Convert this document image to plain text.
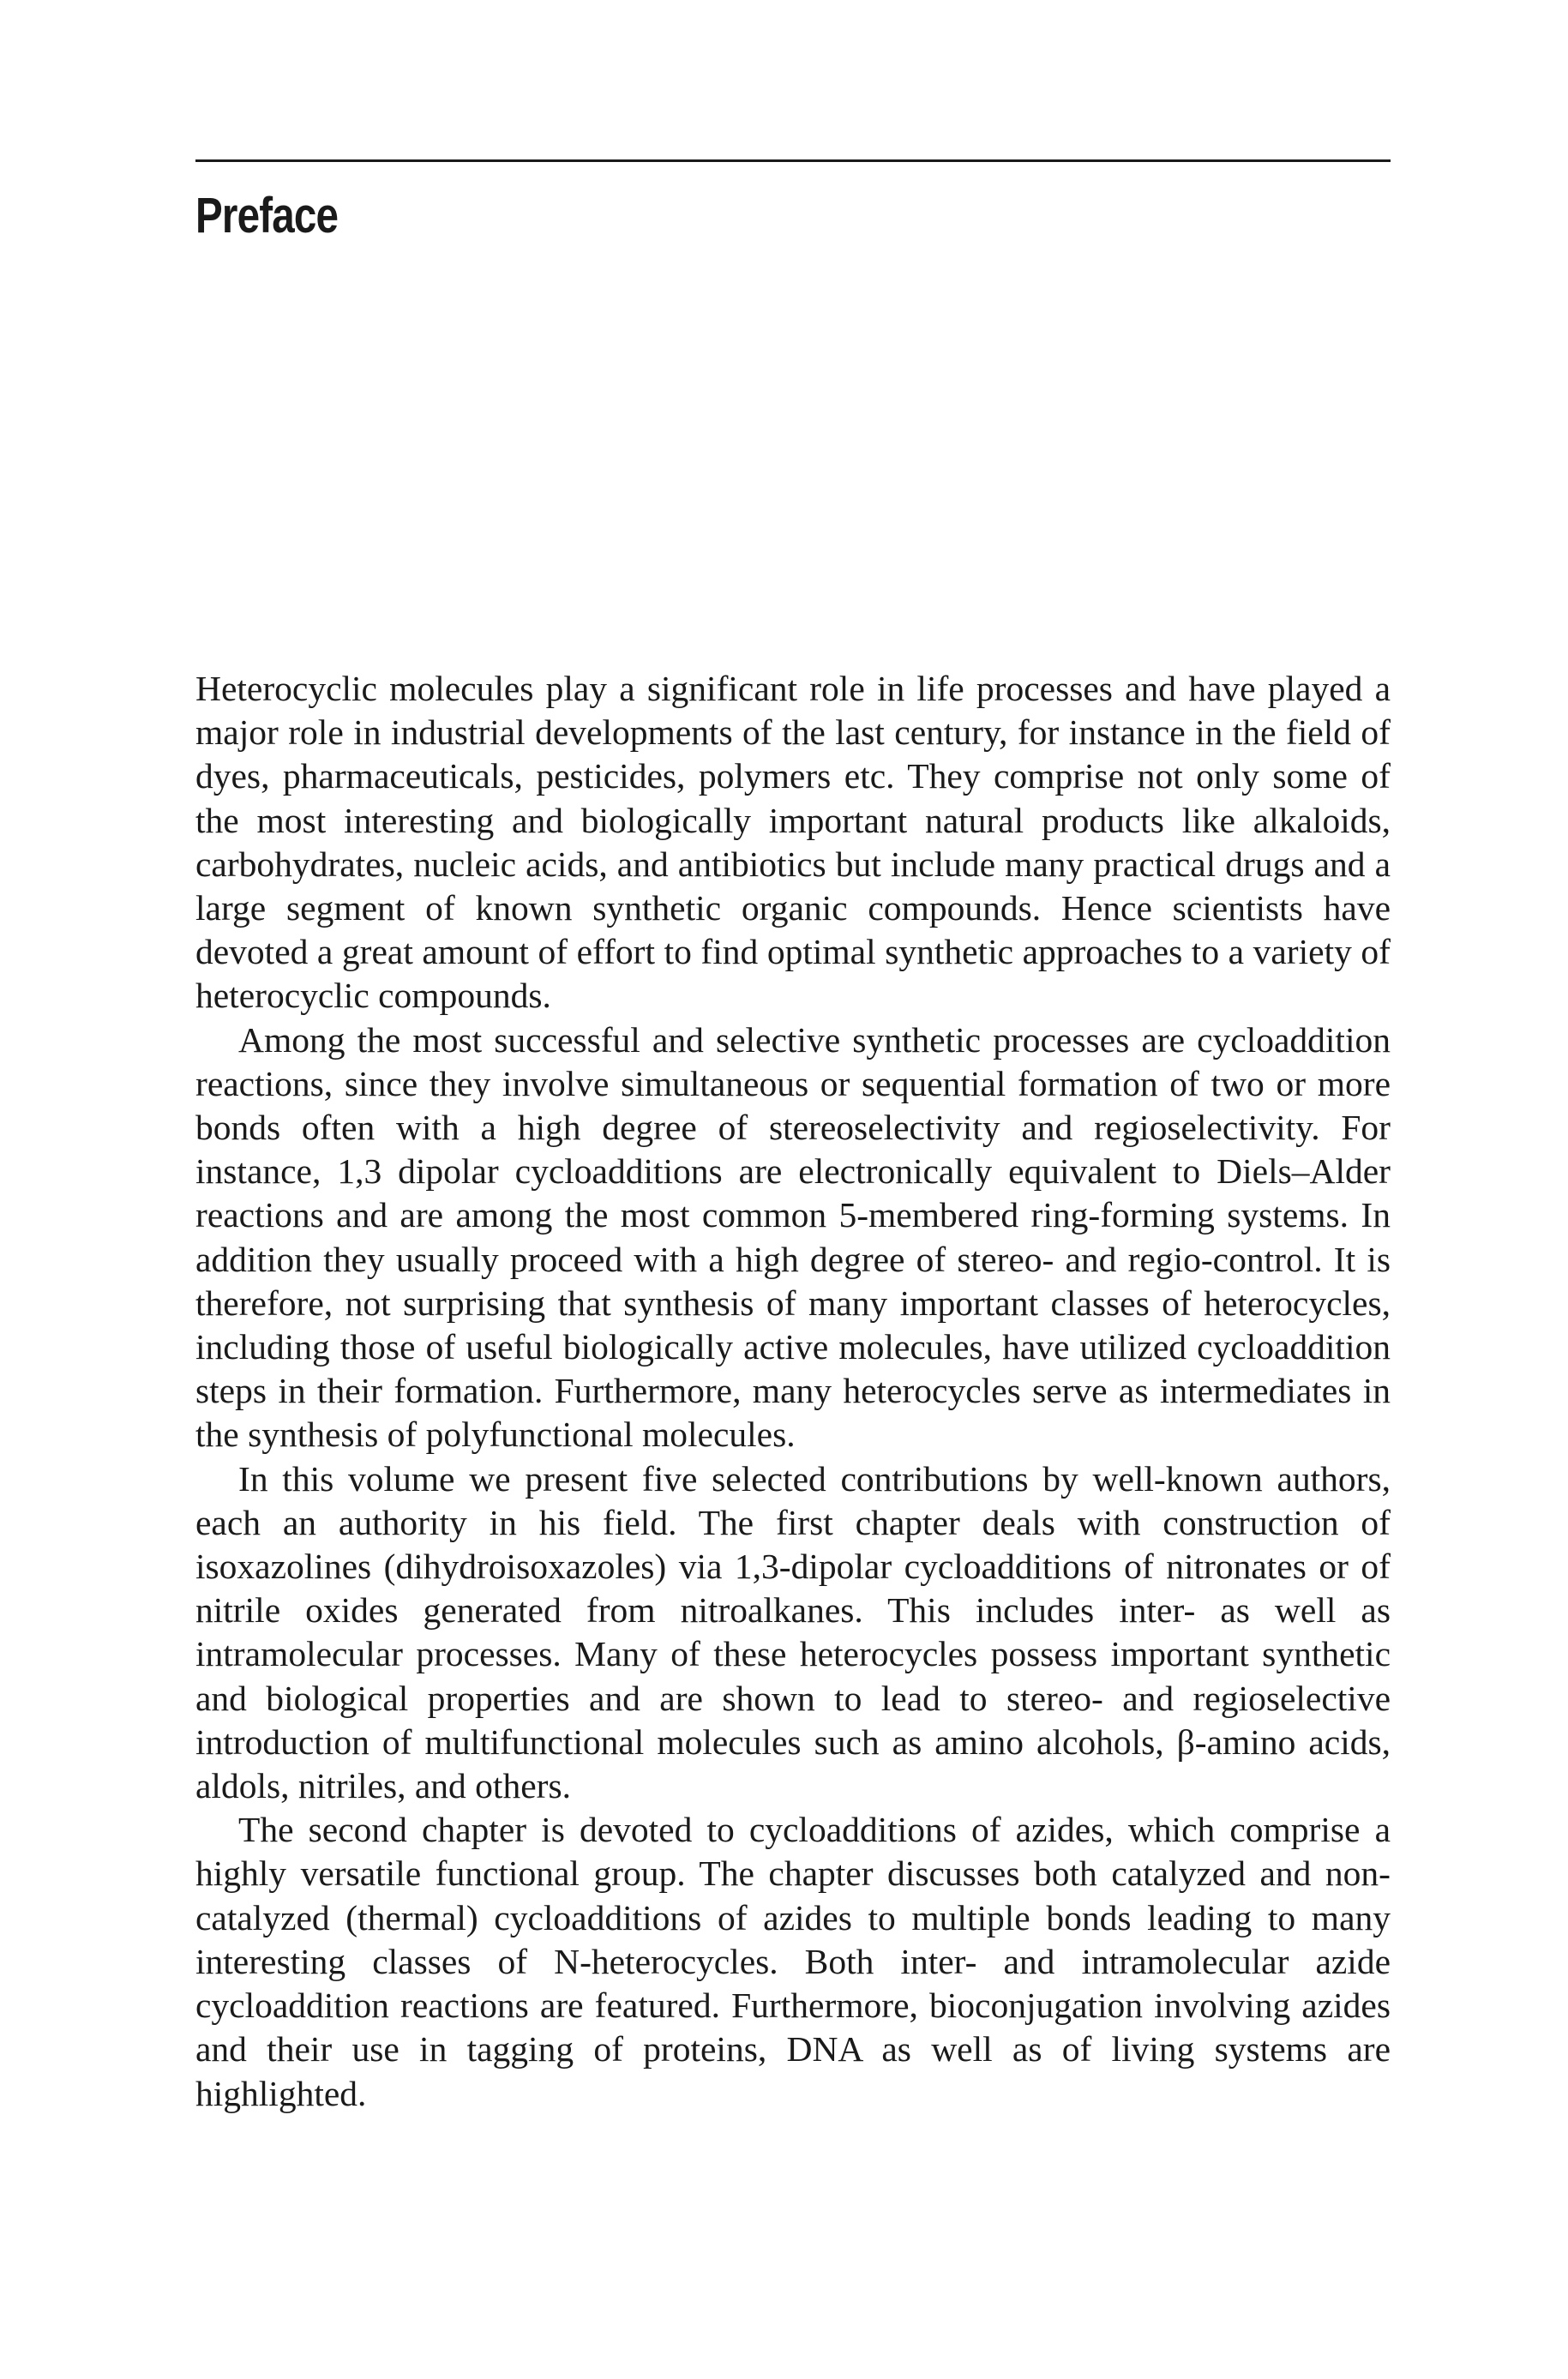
Preface

Heterocyclic molecules play a significant role in life processes and have played a major role in industrial developments of the last century, for instance in the field of dyes, pharmaceuticals, pesticides, polymers etc. They comprise not only some of the most interesting and biologically important natural products like alkaloids, carbohydrates, nucleic acids, and antibiotics but include many practical drugs and a large segment of known synthetic organic compounds. Hence scientists have devoted a great amount of effort to find optimal synthetic approaches to a variety of heterocyclic compounds.

Among the most successful and selective synthetic processes are cycloaddition reactions, since they involve simultaneous or sequential formation of two or more bonds often with a high degree of stereoselectivity and regioselectivity. For instance, 1,3 dipolar cycloadditions are electronically equivalent to Diels–Alder reactions and are among the most common 5-membered ring-forming systems. In addition they usually proceed with a high degree of stereo- and regio-control. It is therefore, not surprising that synthesis of many important classes of heterocycles, including those of useful biologically active molecules, have utilized cycloaddition steps in their formation. Furthermore, many heterocycles serve as intermediates in the synthesis of polyfunctional molecules.

In this volume we present five selected contributions by well-known authors, each an authority in his field. The first chapter deals with construction of isoxazolines (dihydroisoxazoles) via 1,3-dipolar cycloadditions of nitronates or of nitrile oxides generated from nitroalkanes. This includes inter- as well as intramolecular processes. Many of these heterocycles possess important synthetic and biological properties and are shown to lead to stereo- and regioselective introduction of multifunctional molecules such as amino alcohols, β-amino acids, aldols, nitriles, and others.

The second chapter is devoted to cycloadditions of azides, which comprise a highly versatile functional group. The chapter discusses both catalyzed and non-catalyzed (thermal) cycloadditions of azides to multiple bonds leading to many interesting classes of N-heterocycles. Both inter- and intramolecular azide cycloaddition reactions are featured. Furthermore, bioconjugation involving azides and their use in tagging of proteins, DNA as well as of living systems are highlighted.
